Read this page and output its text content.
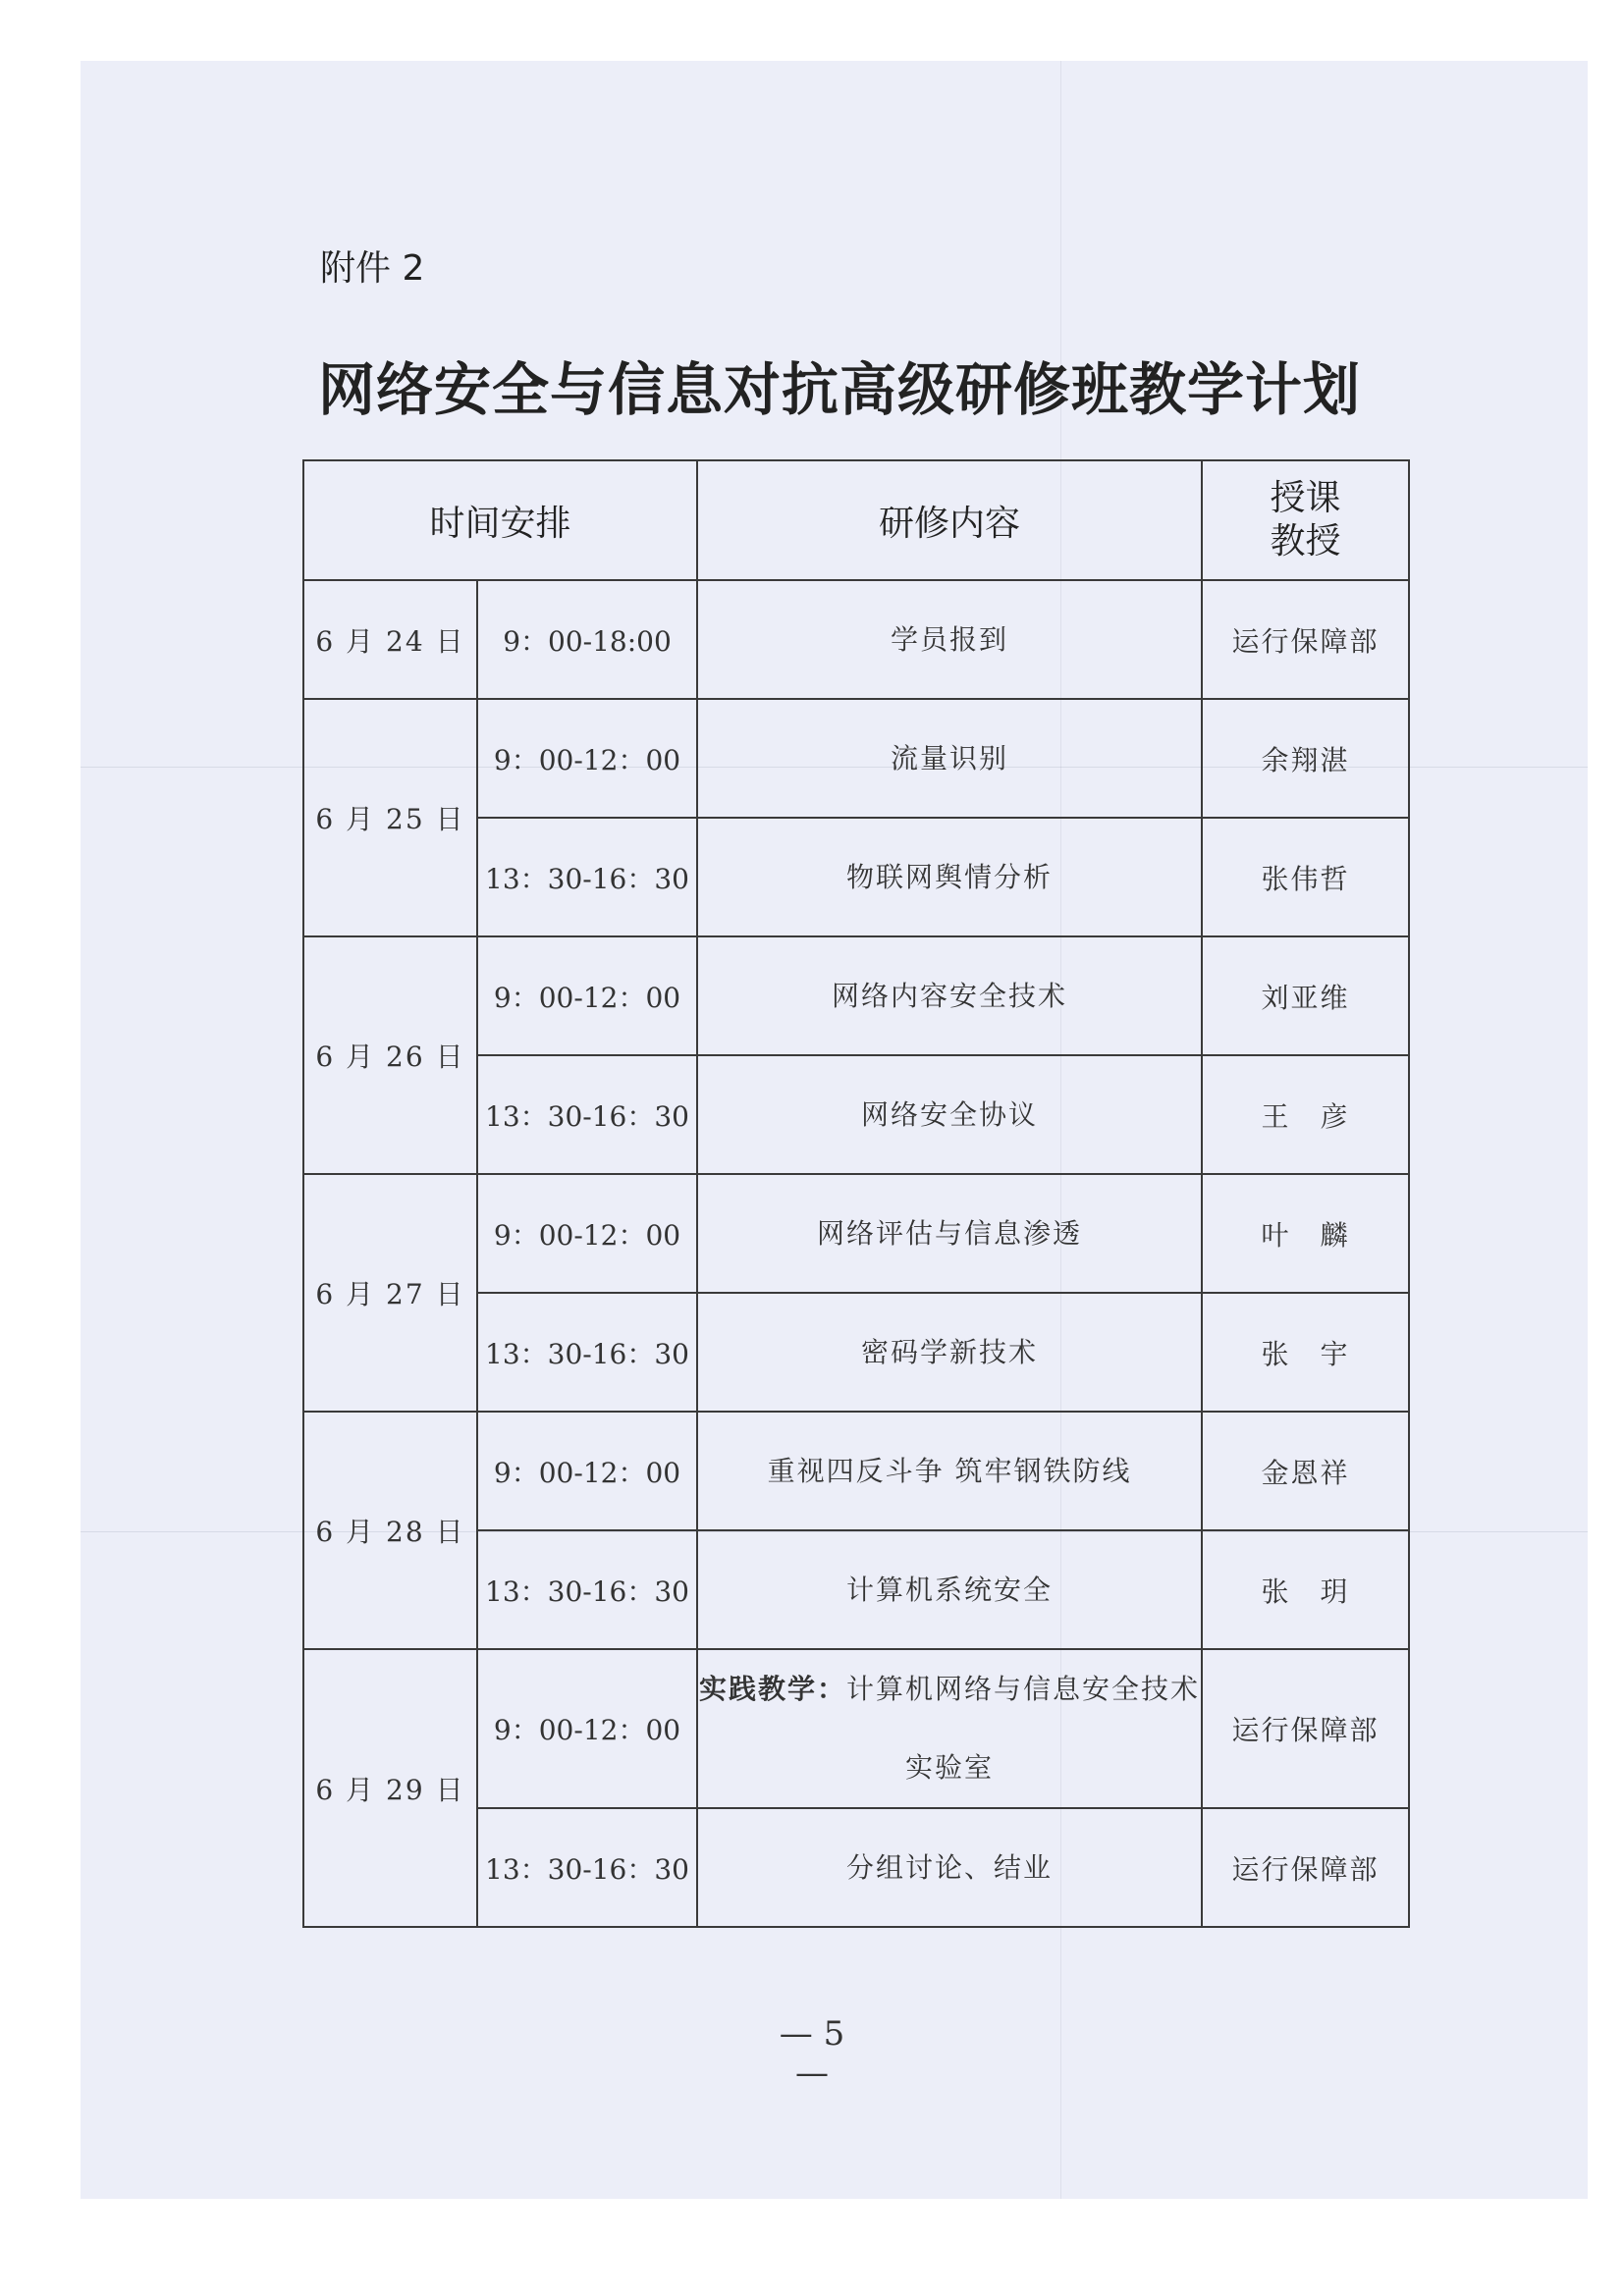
附件 2
网络安全与信息对抗高级研修班教学计划
时间安排		研修内容	授课
教授

6 月 24 日	9：00-18:00	学员报到	运行保障部
6 月 25 日	9：00-12：00	流量识别	余翔湛
	13：30-16：30	物联网舆情分析	张伟哲
6 月 26 日	9：00-12：00	网络内容安全技术	刘亚维
	13：30-16：30	网络安全协议	王　彦
6 月 27 日	9：00-12：00	网络评估与信息渗透	叶　麟
	13：30-16：30	密码学新技术	张　宇
6 月 28 日	9：00-12：00	重视四反斗争 筑牢钢铁防线	金恩祥
	13：30-16：30	计算机系统安全	张　玥
6 月 29 日	9：00-12：00	实践教学：计算机网络与信息安全技术实验室	运行保障部
	13：30-16：30	分组讨论、结业	运行保障部
— 5 —
